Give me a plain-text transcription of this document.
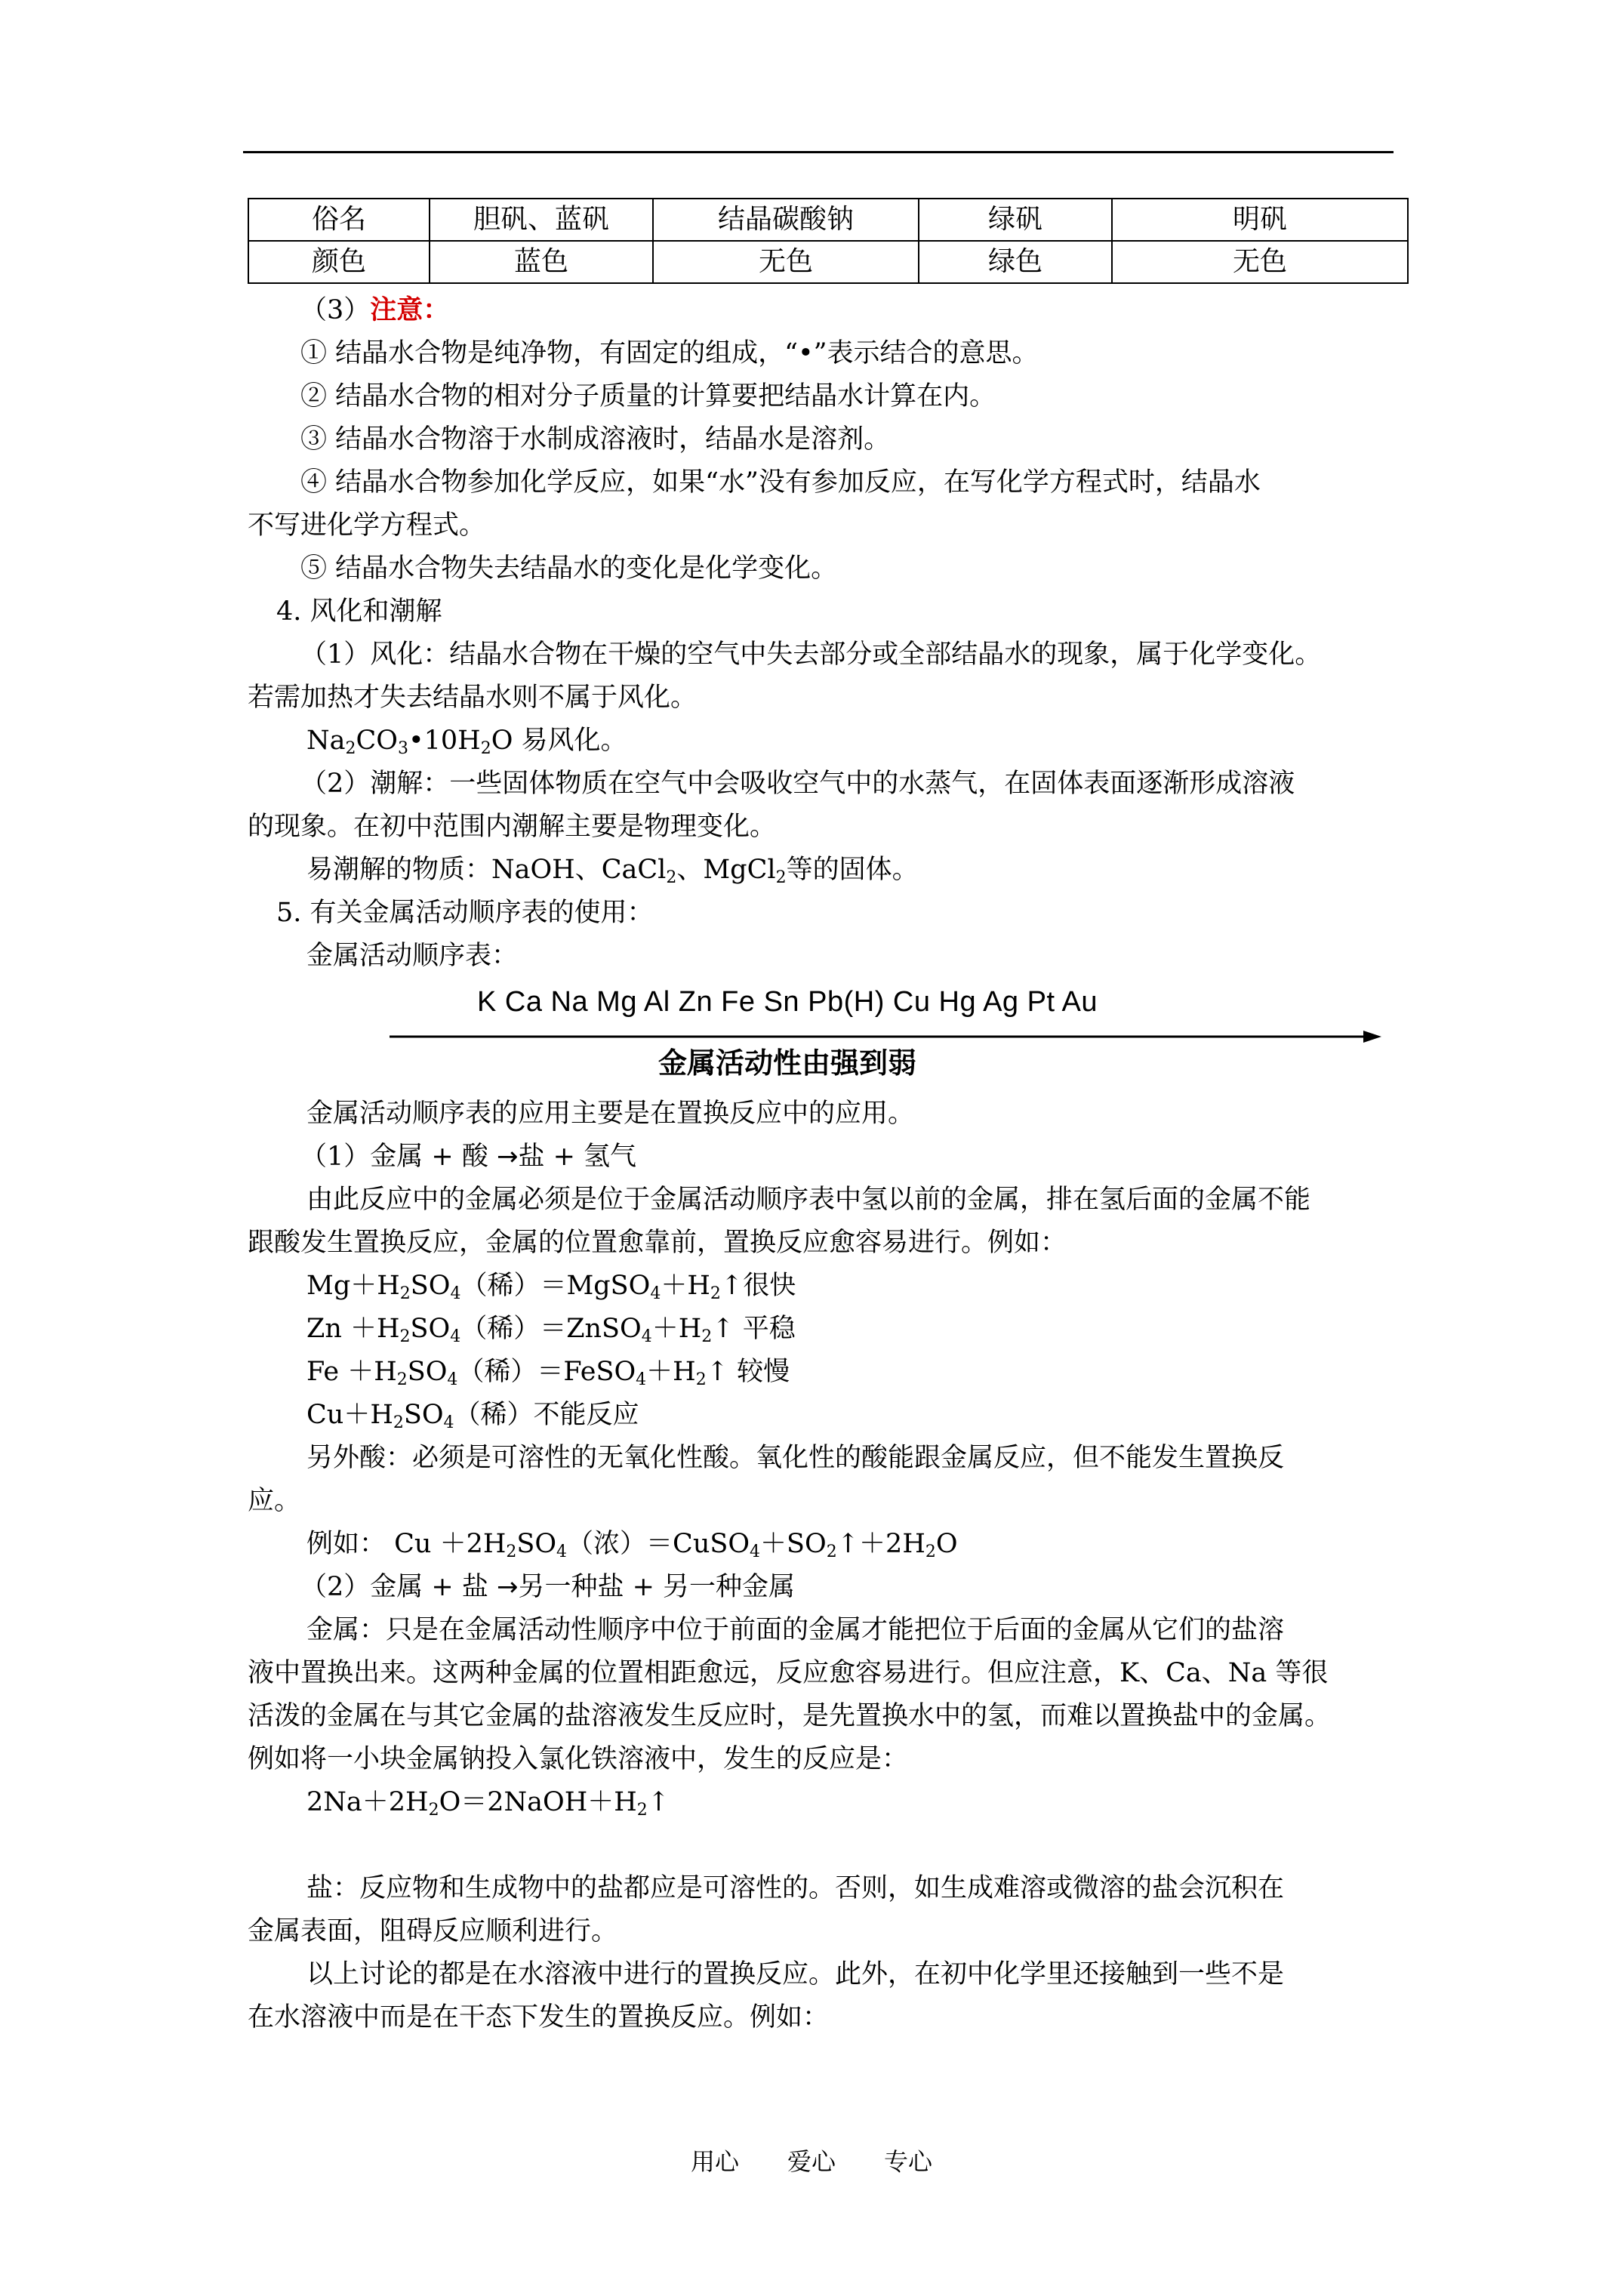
俗名	胆矾、蓝矾	结晶碳酸钠	绿矾	明矾
颜色	蓝色	无色	绿色	无色
（3）注意：
① 结晶水合物是纯净物，有固定的组成，“•”表示结合的意思。
② 结晶水合物的相对分子质量的计算要把结晶水计算在内。
③ 结晶水合物溶于水制成溶液时，结晶水是溶剂。
④ 结晶水合物参加化学反应，如果“水”没有参加反应，在写化学方程式时，结晶水
不写进化学方程式。
⑤ 结晶水合物失去结晶水的变化是化学变化。
4. 风化和潮解
（1）风化：结晶水合物在干燥的空气中失去部分或全部结晶水的现象，属于化学变化。
若需加热才失去结晶水则不属于风化。
$Na_2CO_3•10H_2O$ 易风化。
（2）潮解：一些固体物质在空气中会吸收空气中的水蒸气，在固体表面逐渐形成溶液
的现象。在初中范围内潮解主要是物理变化。
易潮解的物质：NaOH、CaCl$_2$、MgCl$_2$等的固体。
5. 有关金属活动顺序表的使用：
金属活动顺序表：
K Ca Na Mg Al Zn Fe Sn Pb(H) Cu Hg Ag Pt Au
金属活动性由强到弱
金属活动顺序表的应用主要是在置换反应中的应用。
（1）金属 + 酸 →盐 + 氢气
由此反应中的金属必须是位于金属活动顺序表中氢以前的金属，排在氢后面的金属不能
跟酸发生置换反应，金属的位置愈靠前，置换反应愈容易进行。例如：
$Mg+H_2SO_4$（稀）$=MgSO_4+H_2↑$很快
$Zn +H_2SO_4$（稀）$=ZnSO_4+H_2↑$ 平稳
$Fe +H_2SO_4$（稀）$=FeSO_4+H_2↑$ 较慢
$Cu+H_2SO_4$（稀）不能反应
另外酸：必须是可溶性的无氧化性酸。氧化性的酸能跟金属反应，但不能发生置换反
应。
例如： $Cu +2H_2SO_4$（浓）$=CuSO_4+SO_2↑+2H_2O$
（2）金属 + 盐 →另一种盐 + 另一种金属
金属：只是在金属活动性顺序中位于前面的金属才能把位于后面的金属从它们的盐溶
液中置换出来。这两种金属的位置相距愈远，反应愈容易进行。但应注意，K、Ca、Na 等很
活泼的金属在与其它金属的盐溶液发生反应时，是先置换水中的氢，而难以置换盐中的金属。
例如将一小块金属钠投入氯化铁溶液中，发生的反应是：
$2Na+2H_2O=2NaOH+H_2↑$
盐：反应物和生成物中的盐都应是可溶性的。否则，如生成难溶或微溶的盐会沉积在
金属表面，阻碍反应顺利进行。
以上讨论的都是在水溶液中进行的置换反应。此外，在初中化学里还接触到一些不是
在水溶液中而是在干态下发生的置换反应。例如：
用心 爱心 专心
